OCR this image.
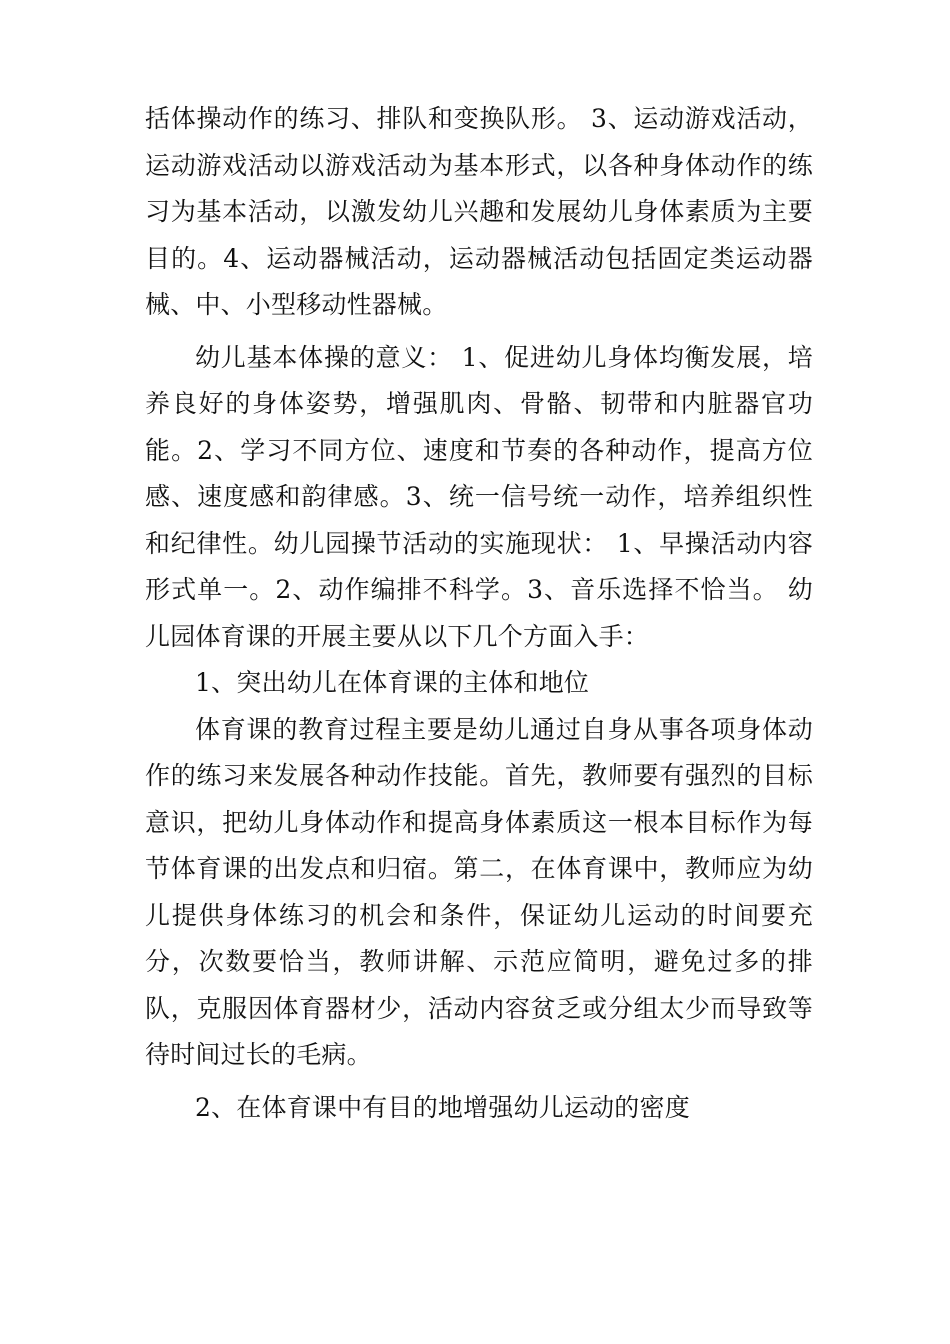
括体操动作的练习、排队和变换队形。 3、运动游戏活动，运动游戏活动以游戏活动为基本形式，以各种身体动作的练习为基本活动，以激发幼儿兴趣和发展幼儿身体素质为主要目的。4、运动器械活动，运动器械活动包括固定类运动器械、中、小型移动性器械。

幼儿基本体操的意义： 1、促进幼儿身体均衡发展，培养良好的身体姿势，增强肌肉、骨骼、韧带和内脏器官功能。2、学习不同方位、速度和节奏的各种动作，提高方位感、速度感和韵律感。3、统一信号统一动作，培养组织性和纪律性。幼儿园操节活动的实施现状： 1、早操活动内容形式单一。2、动作编排不科学。3、音乐选择不恰当。 幼儿园体育课的开展主要从以下几个方面入手：

1、突出幼儿在体育课的主体和地位

体育课的教育过程主要是幼儿通过自身从事各项身体动作的练习来发展各种动作技能。首先，教师要有强烈的目标意识，把幼儿身体动作和提高身体素质这一根本目标作为每节体育课的出发点和归宿。第二，在体育课中，教师应为幼儿提供身体练习的机会和条件，保证幼儿运动的时间要充分，次数要恰当，教师讲解、示范应简明，避免过多的排队，克服因体育器材少，活动内容贫乏或分组太少而导致等待时间过长的毛病。

2、在体育课中有目的地增强幼儿运动的密度
